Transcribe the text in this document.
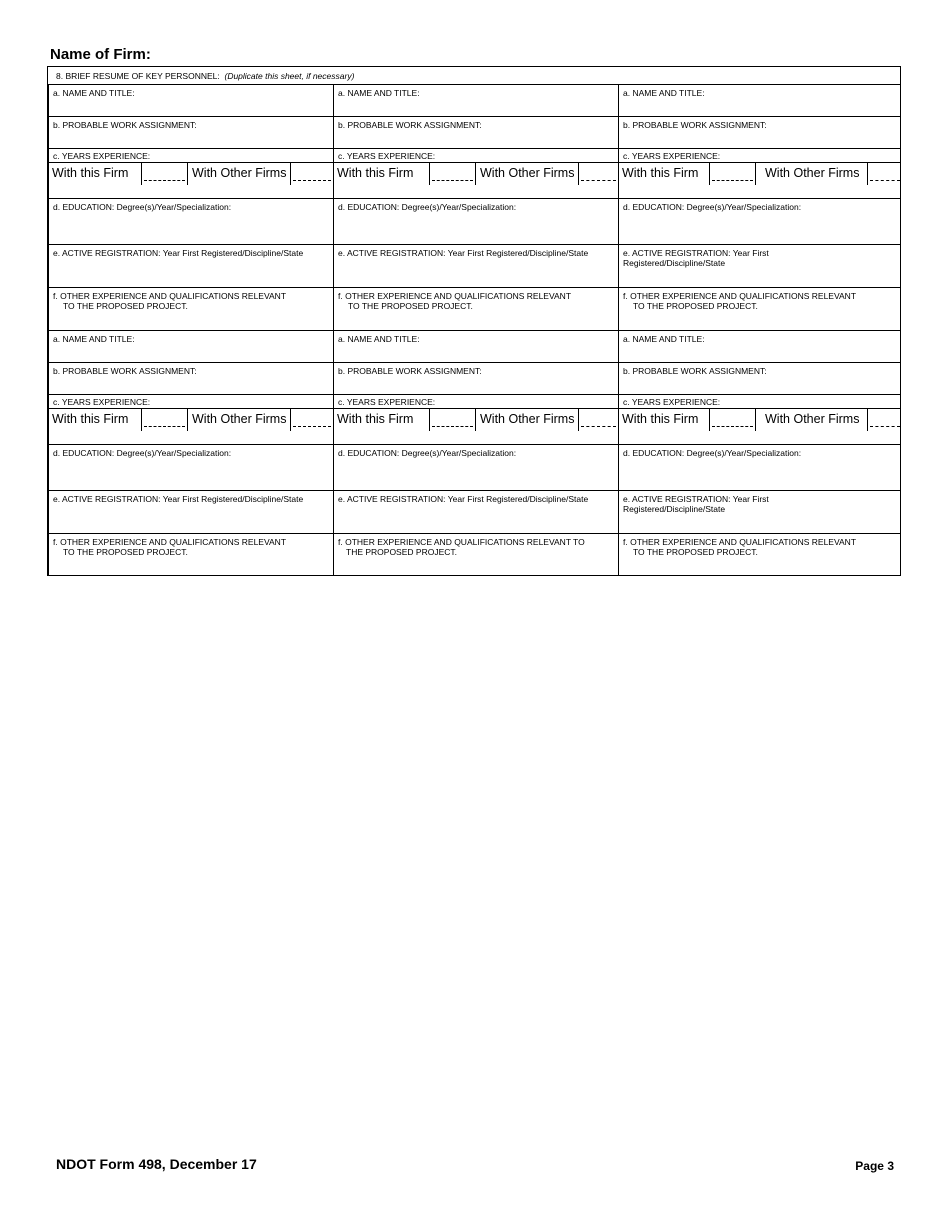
Name of Firm:
8. BRIEF RESUME OF KEY PERSONNEL: (Duplicate this sheet, if necessary)
a. NAME AND TITLE:
b. PROBABLE WORK ASSIGNMENT:
c. YEARS EXPERIENCE:
With this Firm	With Other Firms
d. EDUCATION: Degree(s)/Year/Specialization:
e. ACTIVE REGISTRATION: Year First Registered/Discipline/State
f. OTHER EXPERIENCE AND QUALIFICATIONS RELEVANT
TO THE PROPOSED PROJECT.
a. NAME AND TITLE:
b. PROBABLE WORK ASSIGNMENT:
c. YEARS EXPERIENCE:
With this Firm	With Other Firms
d. EDUCATION: Degree(s)/Year/Specialization:
e. ACTIVE REGISTRATION: Year First Registered/Discipline/State
f. OTHER EXPERIENCE AND QUALIFICATIONS RELEVANT
TO THE PROPOSED PROJECT.
a. NAME AND TITLE:
b. PROBABLE WORK ASSIGNMENT:
c. YEARS EXPERIENCE:
With this Firm	With Other Firms
d. EDUCATION: Degree(s)/Year/Specialization:
e. ACTIVE REGISTRATION: Year First Registered/Discipline/State
f. OTHER EXPERIENCE AND QUALIFICATIONS RELEVANT
TO THE PROPOSED PROJECT.
a. NAME AND TITLE:
b. PROBABLE WORK ASSIGNMENT:
c. YEARS EXPERIENCE:
With this Firm	With Other Firms
d. EDUCATION: Degree(s)/Year/Specialization:
e. ACTIVE REGISTRATION: Year First Registered/Discipline/State
f. OTHER EXPERIENCE AND QUALIFICATIONS RELEVANT TO
THE PROPOSED PROJECT.
a. NAME AND TITLE:
b. PROBABLE WORK ASSIGNMENT:
c. YEARS EXPERIENCE:
With this Firm	With Other Firms
d. EDUCATION: Degree(s)/Year/Specialization:
e. ACTIVE REGISTRATION: Year First
Registered/Discipline/State
f. OTHER EXPERIENCE AND QUALIFICATIONS RELEVANT
TO THE PROPOSED PROJECT.
a. NAME AND TITLE:
b. PROBABLE WORK ASSIGNMENT:
c. YEARS EXPERIENCE:
With this Firm	With Other Firms
d. EDUCATION: Degree(s)/Year/Specialization:
e. ACTIVE REGISTRATION: Year First
Registered/Discipline/State
f. OTHER EXPERIENCE AND QUALIFICATIONS RELEVANT
TO THE PROPOSED PROJECT.
NDOT Form 498, December 17	Page 3
